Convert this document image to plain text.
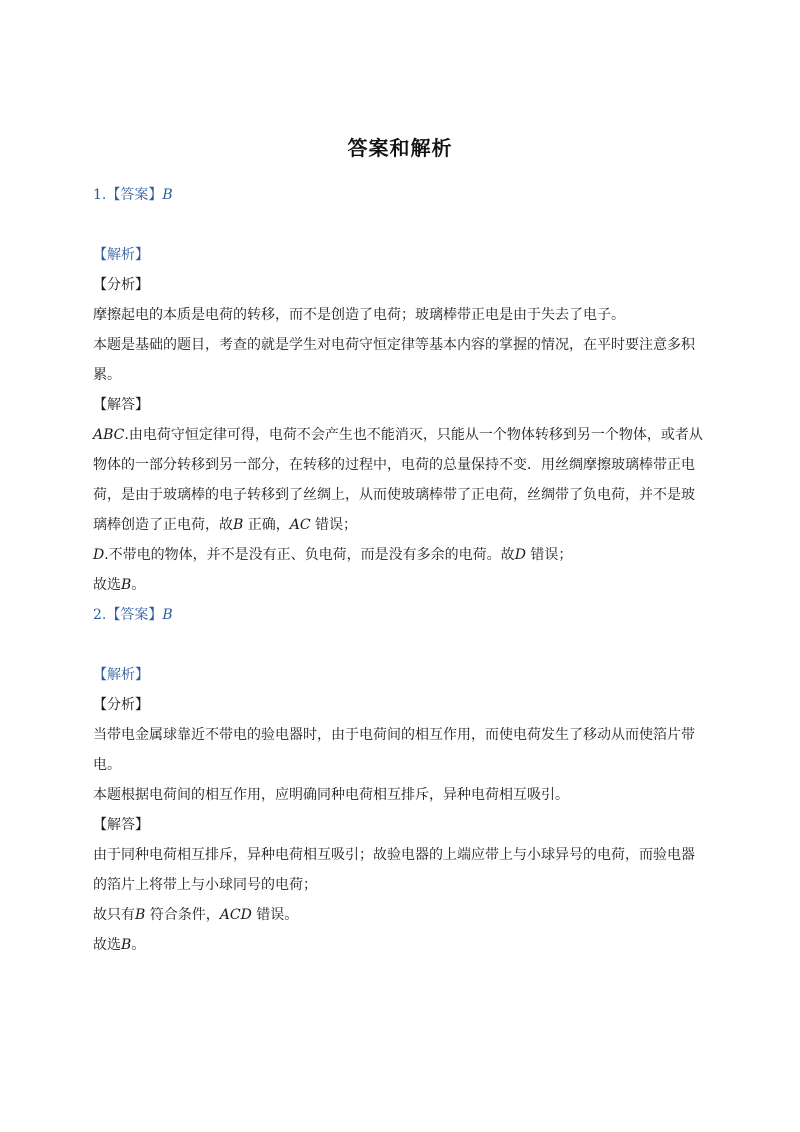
答案和解析
1.【答案】B
【解析】
【分析】
摩擦起电的本质是电荷的转移，而不是创造了电荷；玻璃棒带正电是由于失去了电子。
本题是基础的题目，考查的就是学生对电荷守恒定律等基本内容的掌握的情况，在平时要注意多积
累。
【解答】
ABC.由电荷守恒定律可得，电荷不会产生也不能消灭，只能从一个物体转移到另一个物体，或者从
物体的一部分转移到另一部分，在转移的过程中，电荷的总量保持不变．用丝绸摩擦玻璃棒带正电
荷，是由于玻璃棒的电子转移到了丝绸上，从而使玻璃棒带了正电荷，丝绸带了负电荷，并不是玻
璃棒创造了正电荷，故B 正确，AC 错误；
D.不带电的物体，并不是没有正、负电荷，而是没有多余的电荷。故D 错误；
故选B。
2.【答案】B
【解析】
【分析】
当带电金属球靠近不带电的验电器时，由于电荷间的相互作用，而使电荷发生了移动从而使箔片带
电。
本题根据电荷间的相互作用，应明确同种电荷相互排斥，异种电荷相互吸引。
【解答】
由于同种电荷相互排斥，异种电荷相互吸引；故验电器的上端应带上与小球异号的电荷，而验电器
的箔片上将带上与小球同号的电荷；
故只有B 符合条件，ACD 错误。
故选B。
